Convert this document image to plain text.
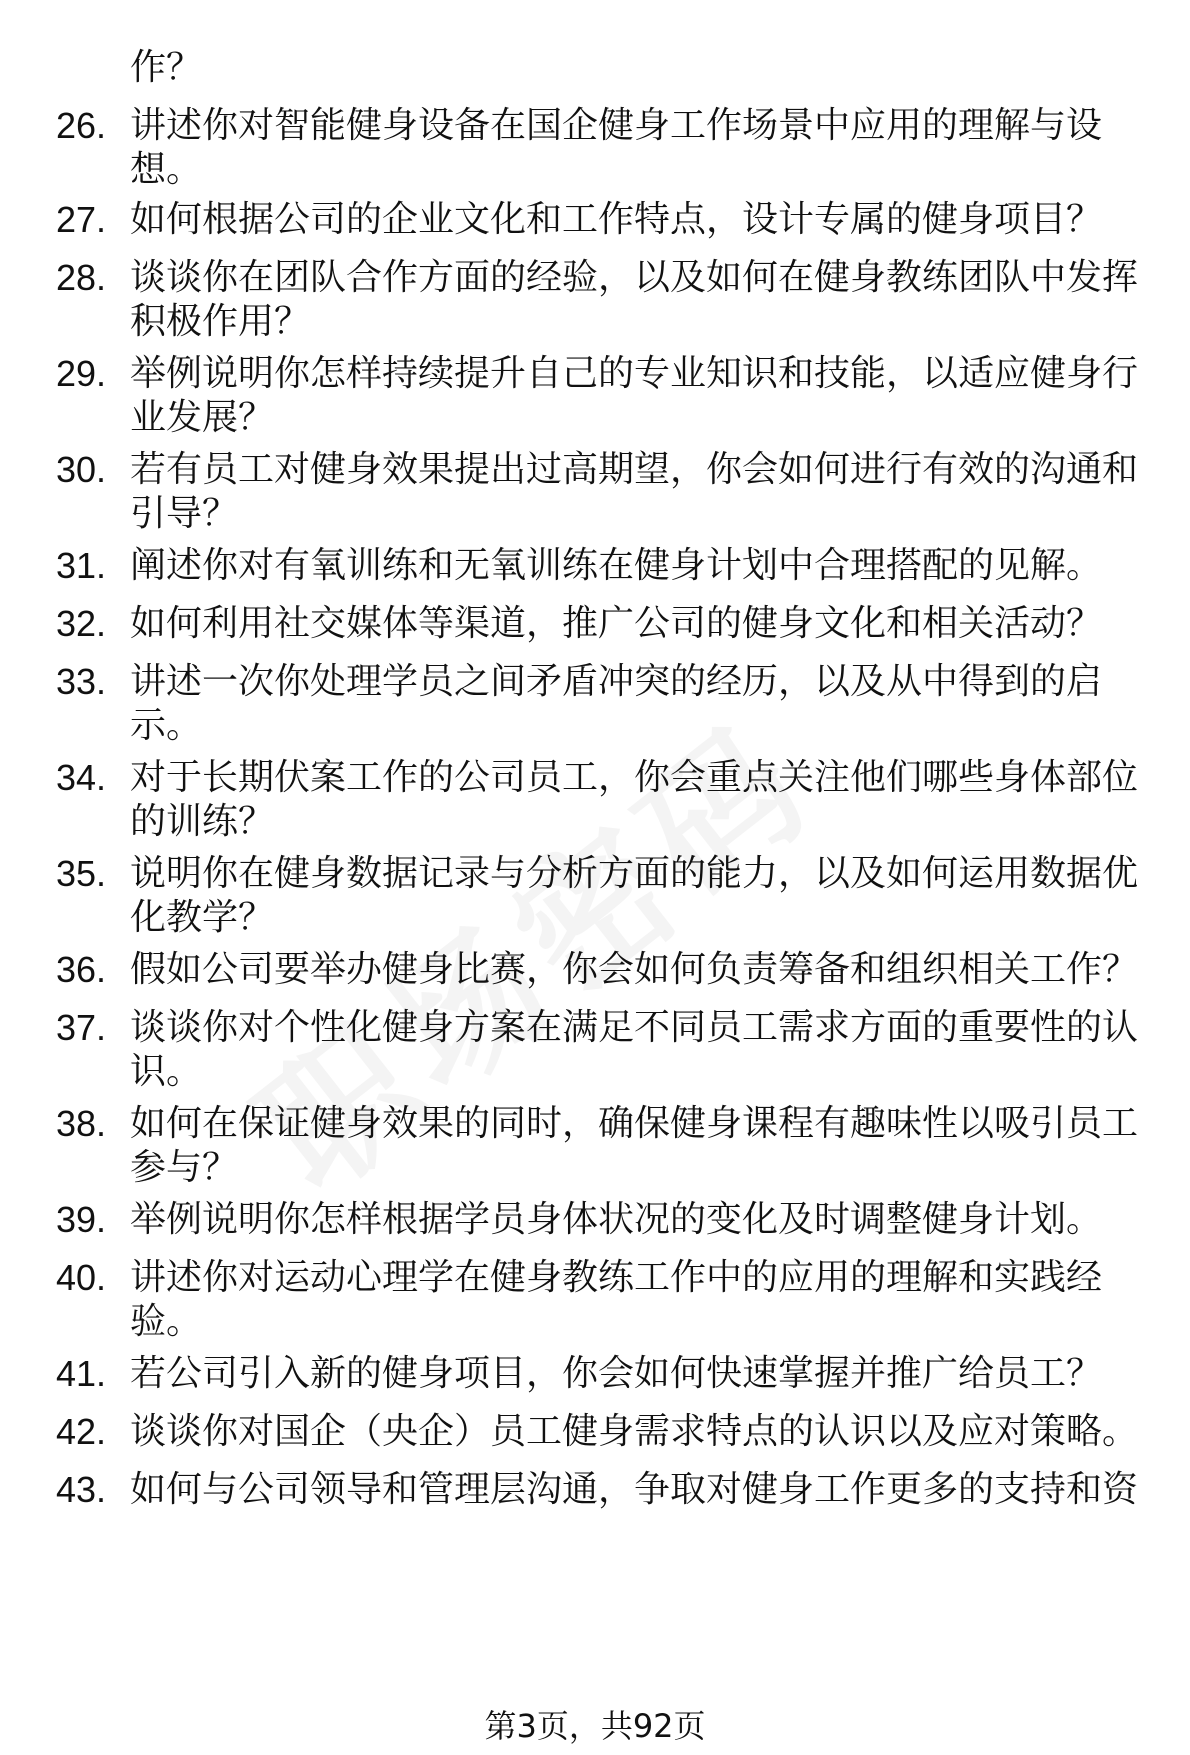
作？
26. 讲述你对智能健身设备在国企健身工作场景中应用的理解与设想。
27. 如何根据公司的企业文化和工作特点，设计专属的健身项目？
28. 谈谈你在团队合作方面的经验，以及如何在健身教练团队中发挥积极作用？
29. 举例说明你怎样持续提升自己的专业知识和技能，以适应健身行业发展？
30. 若有员工对健身效果提出过高期望，你会如何进行有效的沟通和引导？
31. 阐述你对有氧训练和无氧训练在健身计划中合理搭配的见解。
32. 如何利用社交媒体等渠道，推广公司的健身文化和相关活动？
33. 讲述一次你处理学员之间矛盾冲突的经历，以及从中得到的启示。
34. 对于长期伏案工作的公司员工，你会重点关注他们哪些身体部位的训练？
35. 说明你在健身数据记录与分析方面的能力，以及如何运用数据优化教学？
36. 假如公司要举办健身比赛，你会如何负责筹备和组织相关工作？
37. 谈谈你对个性化健身方案在满足不同员工需求方面的重要性的认识。
38. 如何在保证健身效果的同时，确保健身课程有趣味性以吸引员工参与？
39. 举例说明你怎样根据学员身体状况的变化及时调整健身计划。
40. 讲述你对运动心理学在健身教练工作中的应用的理解和实践经验。
41. 若公司引入新的健身项目，你会如何快速掌握并推广给员工？
42. 谈谈你对国企（央企）员工健身需求特点的认识以及应对策略。
43. 如何与公司领导和管理层沟通，争取对健身工作更多的支持和资
第3页，共92页
